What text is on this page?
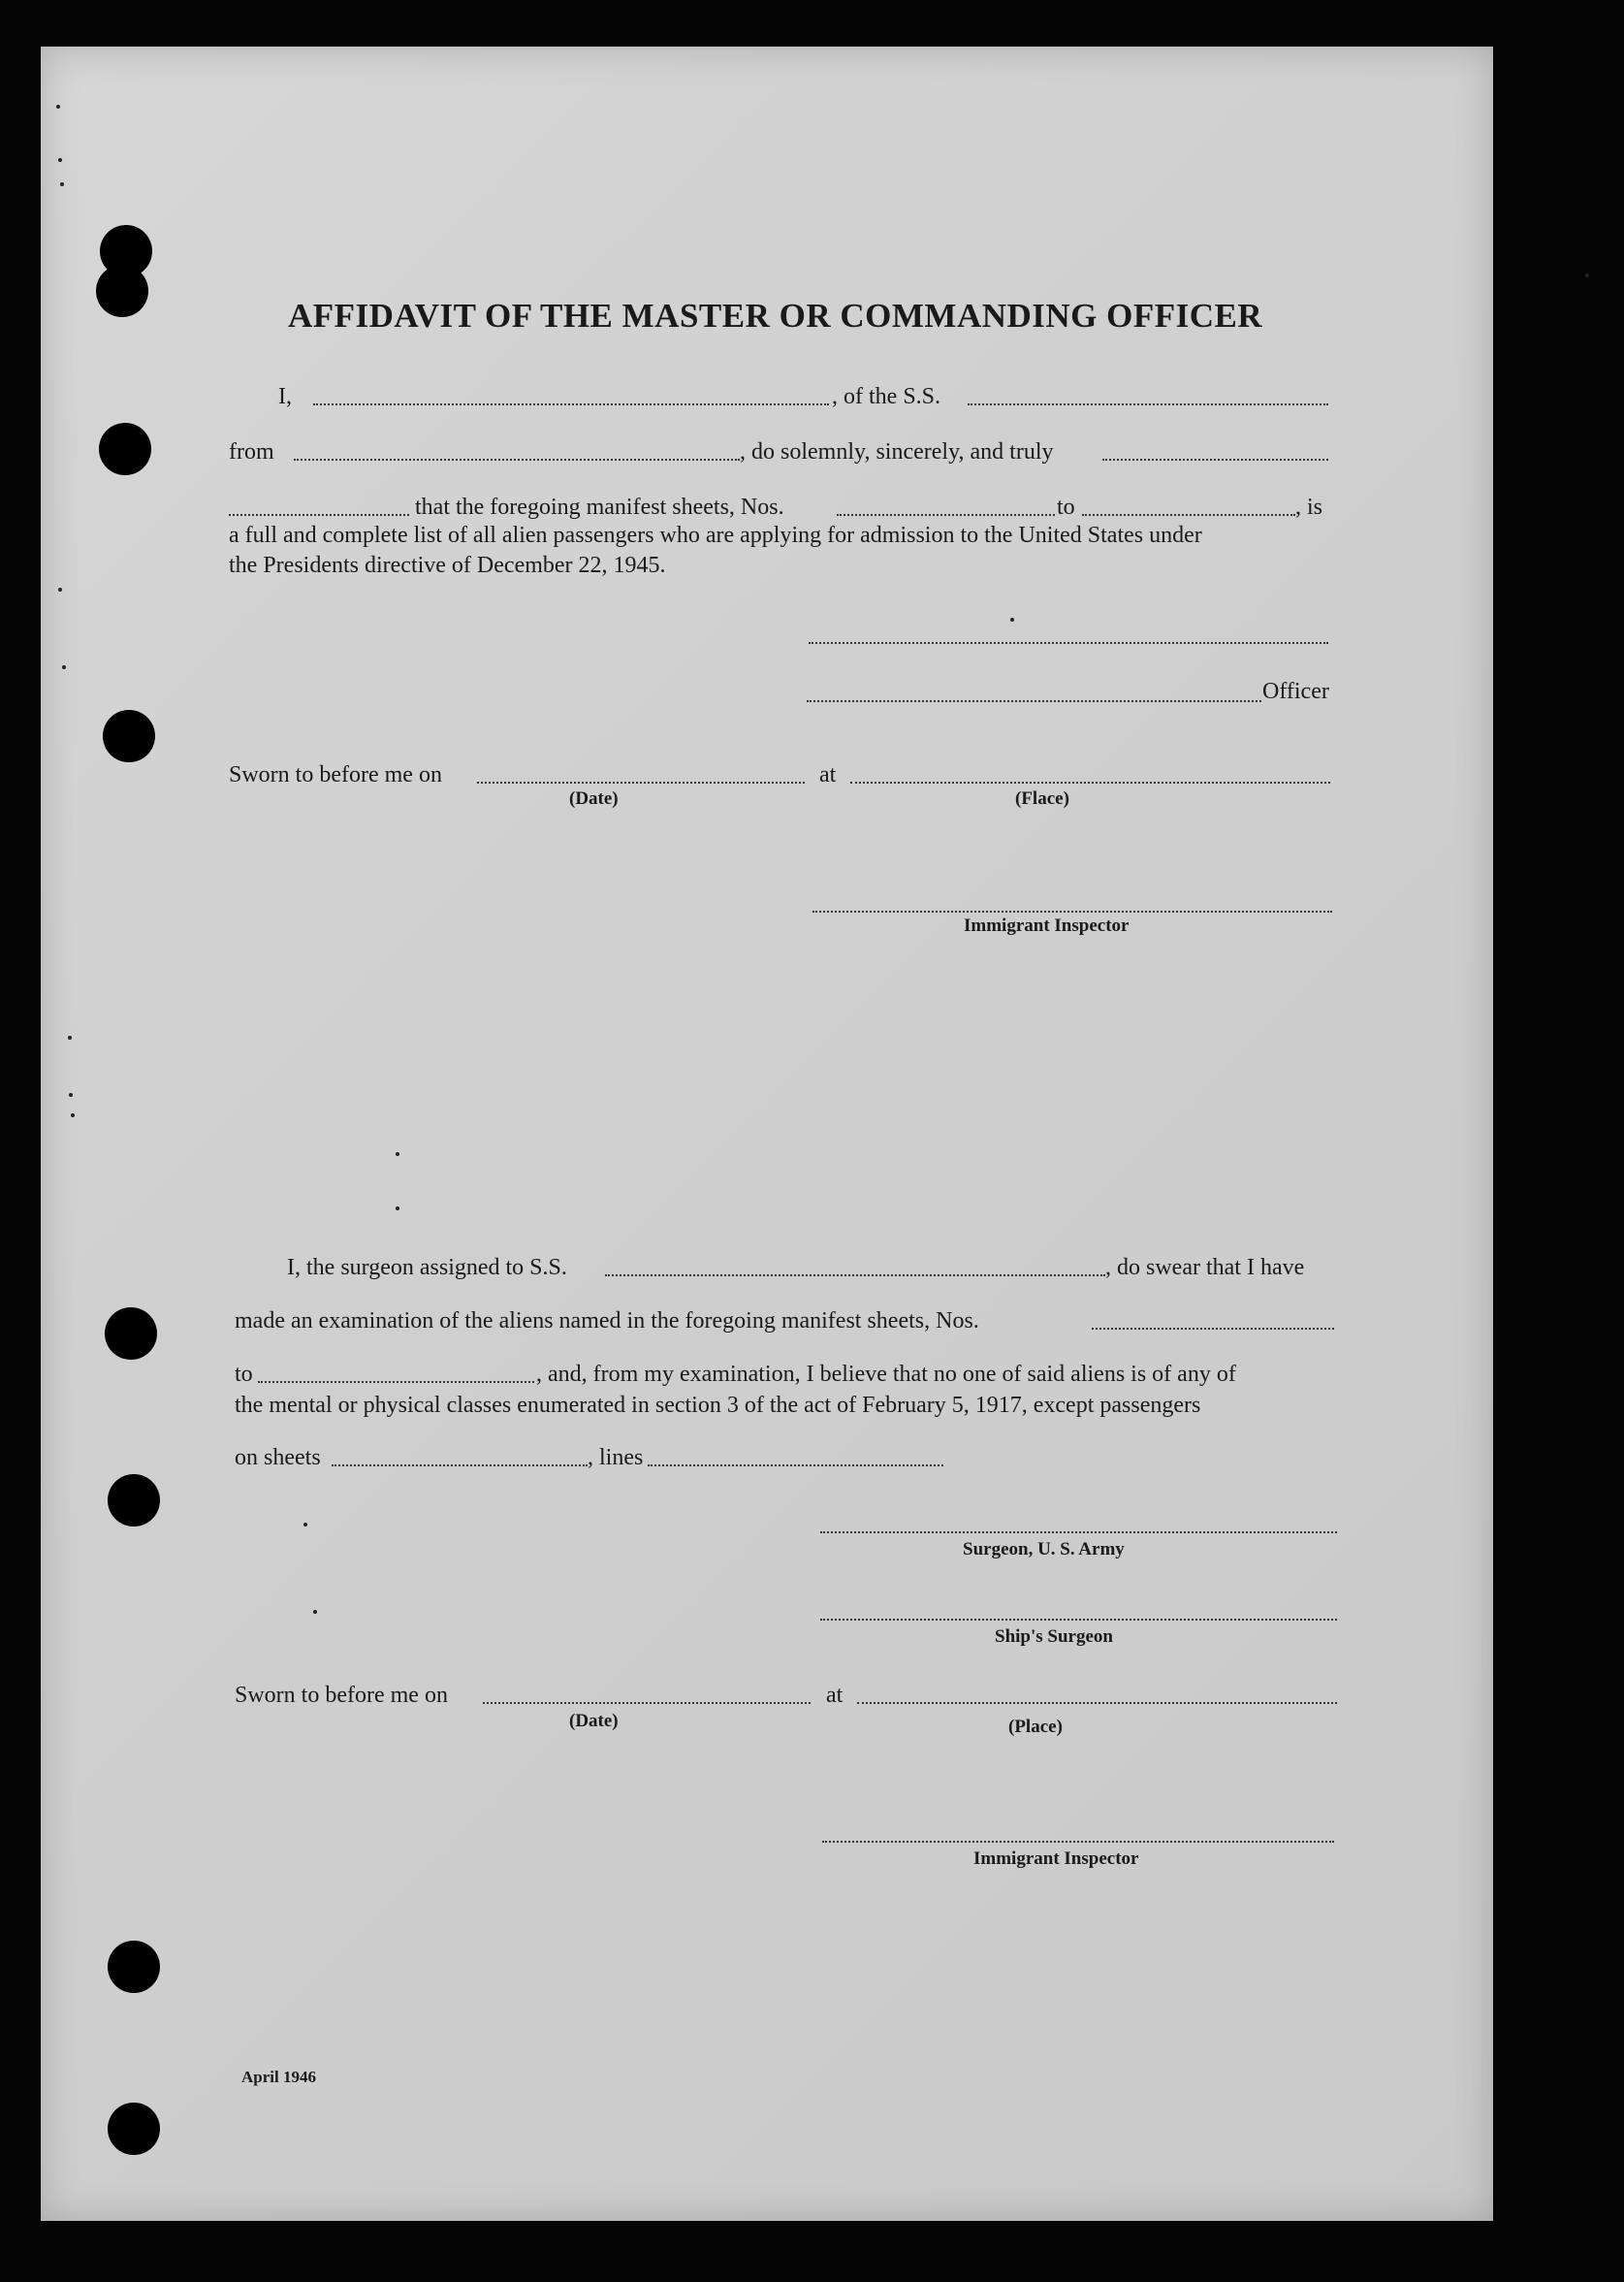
AFFIDAVIT OF THE MASTER OR COMMANDING OFFICER
I,	, of the S.S.
from	, do solemnly, sincerely, and truly
that the foregoing manifest sheets, Nos.	to	, is
a full and complete list of all alien passengers who are applying for admission to the United States under
the Presidents directive of December 22, 1945.
Officer
Sworn to before me on	at
(Date)	(Flace)
Immigrant Inspector
I, the surgeon assigned to S.S.	, do swear that I have
made an examination of the aliens named in the foregoing manifest sheets, Nos.
to	, and, from my examination, I believe that no one of said aliens is of any of
the mental or physical classes enumerated in section 3 of the act of February 5, 1917, except passengers
on sheets	, lines
Surgeon, U. S. Army
Ship's Surgeon
Sworn to before me on	at
(Date)	(Place)
Immigrant Inspector
April 1946
